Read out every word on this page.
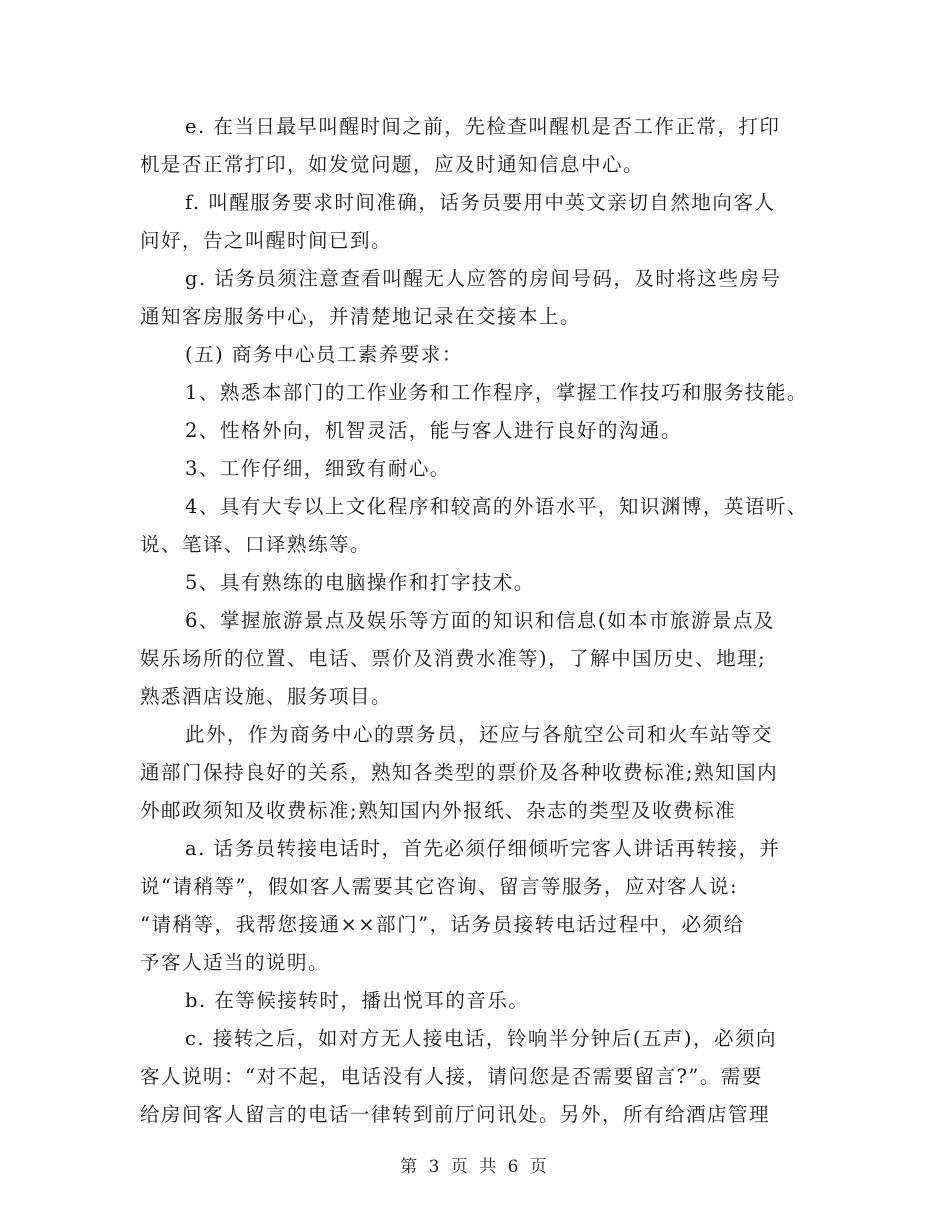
e. 在当日最早叫醒时间之前，先检查叫醒机是否工作正常，打印
机是否正常打印，如发觉问题，应及时通知信息中心。
f. 叫醒服务要求时间准确，话务员要用中英文亲切自然地向客人
问好，告之叫醒时间已到。
g. 话务员须注意查看叫醒无人应答的房间号码，及时将这些房号
通知客房服务中心，并清楚地记录在交接本上。
(五) 商务中心员工素养要求：
1、熟悉本部门的工作业务和工作程序，掌握工作技巧和服务技能。
2、性格外向，机智灵活，能与客人进行良好的沟通。
3、工作仔细，细致有耐心。
4、具有大专以上文化程序和较高的外语水平，知识渊博，英语听、
说、笔译、口译熟练等。
5、具有熟练的电脑操作和打字技术。
6、掌握旅游景点及娱乐等方面的知识和信息(如本市旅游景点及
娱乐场所的位置、电话、票价及消费水准等)，了解中国历史、地理;
熟悉酒店设施、服务项目。
此外，作为商务中心的票务员，还应与各航空公司和火车站等交
通部门保持良好的关系，熟知各类型的票价及各种收费标准;熟知国内
外邮政须知及收费标准;熟知国内外报纸、杂志的类型及收费标准
a. 话务员转接电话时，首先必须仔细倾听完客人讲话再转接，并
说“请稍等”，假如客人需要其它咨询、留言等服务，应对客人说:
“请稍等，我帮您接通××部门”，话务员接转电话过程中，必须给
予客人适当的说明。
b. 在等候接转时，播出悦耳的音乐。
c. 接转之后，如对方无人接电话，铃响半分钟后(五声)，必须向
客人说明：“对不起，电话没有人接，请问您是否需要留言?”。需要
给房间客人留言的电话一律转到前厅问讯处。另外，所有给酒店管理
第 3 页 共 6 页
